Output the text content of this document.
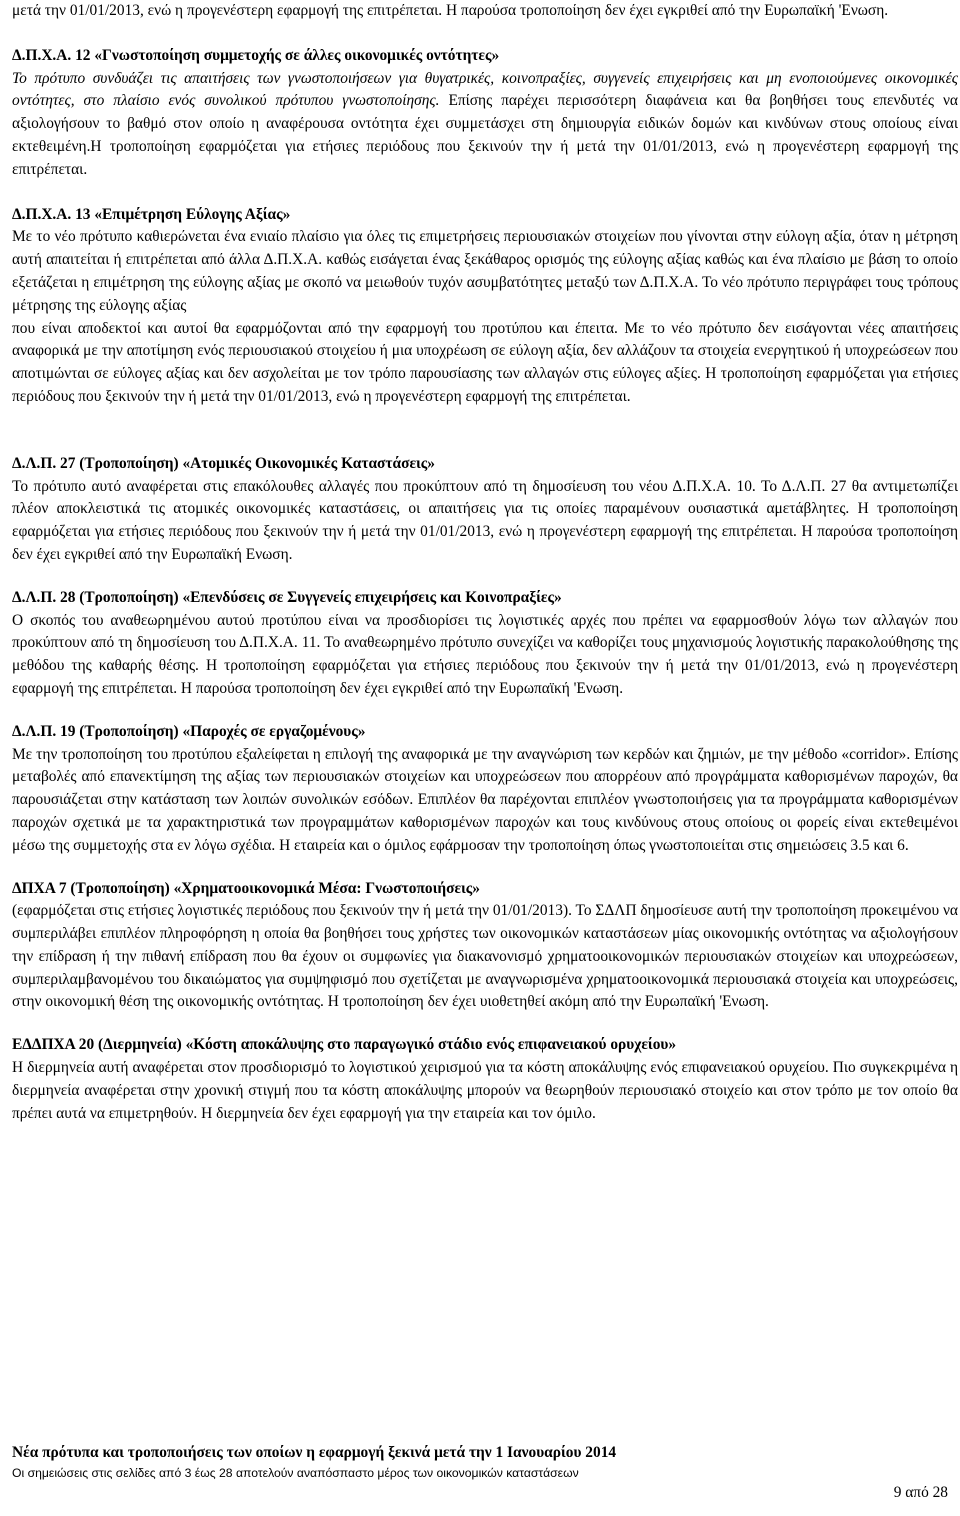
μετά την 01/01/2013, ενώ η προγενέστερη εφαρμογή της επιτρέπεται. Η παρούσα τροποποίηση δεν έχει εγκριθεί από την Ευρωπαϊκή 'Ενωση.

Δ.Π.Χ.Α. 12 «Γνωστοποίηση συμμετοχής σε άλλες οικονομικές οντότητες»

Το πρότυπο συνδυάζει τις απαιτήσεις των γνωστοποιήσεων για θυγατρικές, κοινοπραξίες, συγγενείς επιχειρήσεις και μη ενοποιούμενες οικονομικές οντότητες, στο πλαίσιο ενός συνολικού πρότυπου γνωστοποίησης. Επίσης παρέχει περισσότερη διαφάνεια και θα βοηθήσει τους επενδυτές να αξιολογήσουν το βαθμό στον οποίο η αναφέρουσα οντότητα έχει συμμετάσχει στη δημιουργία ειδικών δομών και κινδύνων στους οποίους είναι εκτεθειμένη.Η τροποποίηση εφαρμόζεται για ετήσιες περιόδους που ξεκινούν την ή μετά την 01/01/2013, ενώ η προγενέστερη εφαρμογή της επιτρέπεται.

Δ.Π.Χ.Α. 13 «Επιμέτρηση Εύλογης Αξίας»

Με το νέο πρότυπο καθιερώνεται ένα ενιαίο πλαίσιο για όλες τις επιμετρήσεις περιουσιακών στοιχείων που γίνονται στην εύλογη αξία, όταν η μέτρηση αυτή απαιτείται ή επιτρέπεται από άλλα Δ.Π.Χ.Α. καθώς εισάγεται ένας ξεκάθαρος ορισμός της εύλογης αξίας καθώς και ένα πλαίσιο με βάση το οποίο εξετάζεται η επιμέτρηση της εύλογης αξίας με σκοπό να μειωθούν τυχόν ασυμβατότητες μεταξύ των Δ.Π.Χ.Α. Το νέο πρότυπο περιγράφει τους τρόπους μέτρησης της εύλογης αξίας

που είναι αποδεκτοί και αυτοί θα εφαρμόζονται από την εφαρμογή του προτύπου και έπειτα. Με το νέο πρότυπο δεν εισάγονται νέες απαιτήσεις αναφορικά με την αποτίμηση ενός περιουσιακού στοιχείου ή μια υποχρέωση σε εύλογη αξία, δεν αλλάζουν τα στοιχεία ενεργητικού ή υποχρεώσεων που αποτιμώνται σε εύλογες αξίας και δεν ασχολείται με τον τρόπο παρουσίασης των αλλαγών στις εύλογες αξίες. Η τροποποίηση εφαρμόζεται για ετήσιες περιόδους που ξεκινούν την ή μετά την 01/01/2013, ενώ η προγενέστερη εφαρμογή της επιτρέπεται.

Δ.Λ.Π. 27 (Τροποποίηση) «Ατομικές Οικονομικές Καταστάσεις»

Το πρότυπο αυτό αναφέρεται στις επακόλουθες αλλαγές που προκύπτουν από τη δημοσίευση του νέου Δ.Π.Χ.Α. 10. Το Δ.Λ.Π. 27 θα αντιμετωπίζει πλέον αποκλειστικά τις ατομικές οικονομικές καταστάσεις, οι απαιτήσεις για τις οποίες παραμένουν ουσιαστικά αμετάβλητες. Η τροποποίηση εφαρμόζεται για ετήσιες περιόδους που ξεκινούν την ή μετά την 01/01/2013, ενώ η προγενέστερη εφαρμογή της επιτρέπεται. Η παρούσα τροποποίηση δεν έχει εγκριθεί από την Ευρωπαϊκή Ενωση.

Δ.Λ.Π. 28 (Τροποποίηση) «Επενδύσεις σε Συγγενείς επιχειρήσεις και Κοινοπραξίες»

Ο σκοπός του αναθεωρημένου αυτού προτύπου είναι να προσδιορίσει τις λογιστικές αρχές που πρέπει να εφαρμοσθούν λόγω των αλλαγών που προκύπτουν από τη δημοσίευση του Δ.Π.Χ.Α. 11. Το αναθεωρημένο πρότυπο συνεχίζει να καθορίζει τους μηχανισμούς λογιστικής παρακολούθησης της μεθόδου της καθαρής θέσης. Η τροποποίηση εφαρμόζεται για ετήσιες περιόδους που ξεκινούν την ή μετά την 01/01/2013, ενώ η προγενέστερη εφαρμογή της επιτρέπεται. Η παρούσα τροποποίηση δεν έχει εγκριθεί από την Ευρωπαϊκή 'Ενωση.

Δ.Λ.Π. 19 (Τροποποίηση) «Παροχές σε εργαζομένους»

Με την τροποποίηση του προτύπου εξαλείφεται η επιλογή της αναφορικά με την αναγνώριση των κερδών και ζημιών, με την μέθοδο «corridor». Επίσης μεταβολές από επανεκτίμηση της αξίας των περιουσιακών στοιχείων και υποχρεώσεων που απορρέουν από προγράμματα καθορισμένων παροχών, θα παρουσιάζεται στην κατάσταση των λοιπών συνολικών εσόδων. Επιπλέον θα παρέχονται επιπλέον γνωστοποιήσεις για τα προγράμματα καθορισμένων παροχών σχετικά με τα χαρακτηριστικά των προγραμμάτων καθορισμένων παροχών και τους κινδύνους στους οποίους οι φορείς είναι εκτεθειμένοι μέσω της συμμετοχής στα εν λόγω σχέδια. Η εταιρεία και ο όμιλος εφάρμοσαν την τροποποίηση όπως γνωστοποιείται στις σημειώσεις 3.5 και 6.

ΔΠΧΑ 7 (Τροποποίηση) «Χρηματοοικονομικά Μέσα: Γνωστοποιήσεις»

(εφαρμόζεται στις ετήσιες λογιστικές περιόδους που ξεκινούν την ή μετά την 01/01/2013). Το ΣΔΛΠ δημοσίευσε αυτή την τροποποίηση προκειμένου να συμπεριλάβει επιπλέον πληροφόρηση η οποία θα βοηθήσει τους χρήστες των οικονομικών καταστάσεων μίας οικονομικής οντότητας να αξιολογήσουν την επίδραση ή την πιθανή επίδραση που θα έχουν οι συμφωνίες για διακανονισμό χρηματοοικονομικών περιουσιακών στοιχείων και υποχρεώσεων, συμπεριλαμβανομένου του δικαιώματος για συμψηφισμό που σχετίζεται με αναγνωρισμένα χρηματοοικονομικά περιουσιακά στοιχεία και υποχρεώσεις, στην οικονομική θέση της οικονομικής οντότητας. Η τροποποίηση δεν έχει υιοθετηθεί ακόμη από την Ευρωπαϊκή 'Ενωση.

ΕΔΔΠΧΑ 20 (Διερμηνεία) «Κόστη αποκάλυψης στο παραγωγικό στάδιο ενός επιφανειακού ορυχείου»

Η διερμηνεία αυτή αναφέρεται στον προσδιορισμό το λογιστικού χειρισμού για τα κόστη αποκάλυψης ενός επιφανειακού ορυχείου. Πιο συγκεκριμένα η διερμηνεία αναφέρεται στην χρονική στιγμή που τα κόστη αποκάλυψης μπορούν να θεωρηθούν περιουσιακό στοιχείο και στον τρόπο με τον οποίο θα πρέπει αυτά να επιμετρηθούν. Η διερμηνεία δεν έχει εφαρμογή για την εταιρεία και τον όμιλο.

Νέα πρότυπα και τροποποιήσεις των οποίων η εφαρμογή ξεκινά μετά την 1 Ιανουαρίου 2014
Οι σημειώσεις στις σελίδες από 3 έως 28 αποτελούν αναπόσπαστο μέρος των οικονομικών καταστάσεων
9 από 28
